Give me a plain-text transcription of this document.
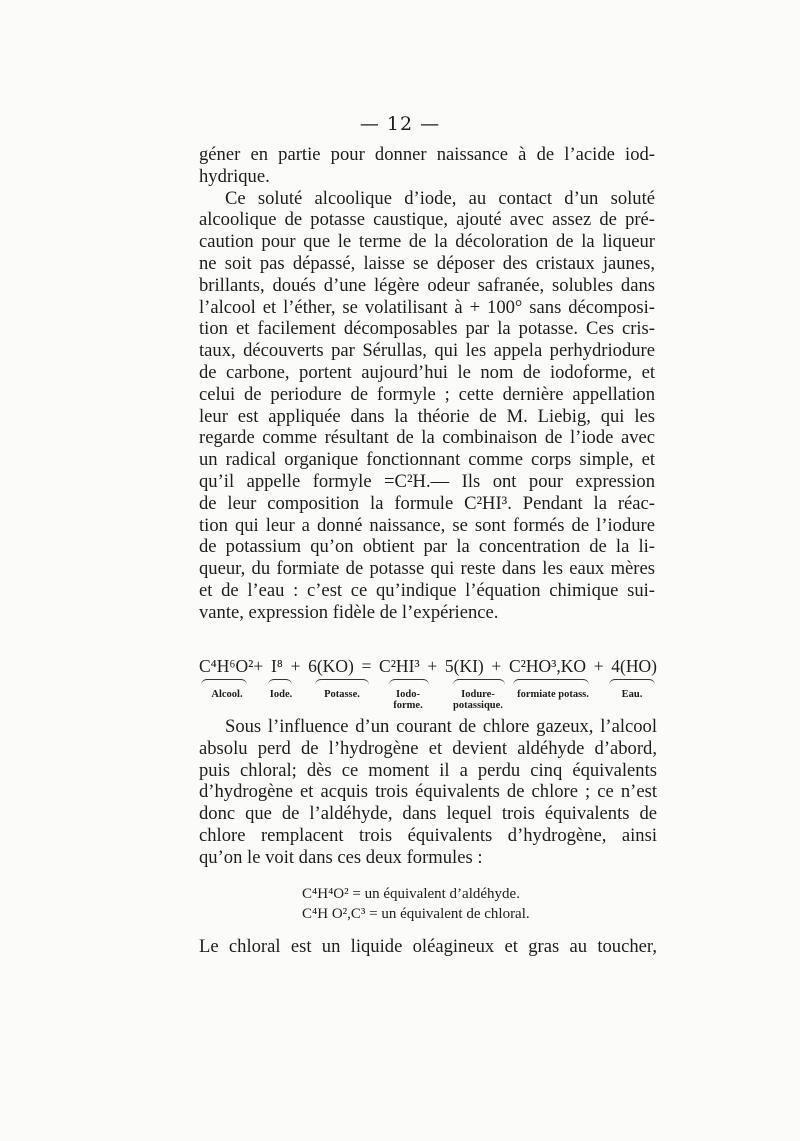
— 12 —
géner en partie pour donner naissance à de l’acide iod-
hydrique.
Ce soluté alcoolique d’iode, au contact d’un soluté
alcoolique de potasse caustique, ajouté avec assez de pré-
caution pour que le terme de la décoloration de la liqueur
ne soit pas dépassé, laisse se déposer des cristaux jaunes,
brillants, doués d’une légère odeur safranée, solubles dans
l’alcool et l’éther, se volatilisant à + 100° sans décomposi-
tion et facilement décomposables par la potasse. Ces cris-
taux, découverts par Sérullas, qui les appela perhydriodure
de carbone, portent aujourd’hui le nom de iodoforme, et
celui de periodure de formyle ; cette dernière appellation
leur est appliquée dans la théorie de M. Liebig, qui les
regarde comme résultant de la combinaison de l’iode avec
un radical organique fonctionnant comme corps simple, et
qu’il appelle formyle =C²H.— Ils ont pour expression
de leur composition la formule C²HI³. Pendant la réac-
tion qui leur a donné naissance, se sont formés de l’iodure
de potassium qu’on obtient par la concentration de la li-
queur, du formiate de potasse qui reste dans les eaux mères
et de l’eau : c’est ce qu’indique l’équation chimique sui-
vante, expression fidèle de l’expérience.
C⁴H⁶O²+ I⁸ + 6(KO) = C²HI³ + 5(KI) + C²HO³,KO + 4(HO)
Alcool.	Iode.	Potasse.	Iodo-
forme.
Iodure-
potassique.
formiate potass.	Eau.
Sous l’influence d’un courant de chlore gazeux, l’alcool
absolu perd de l’hydrogène et devient aldéhyde d’abord,
puis chloral; dès ce moment il a perdu cinq équivalents
d’hydrogène et acquis trois équivalents de chlore ; ce n’est
donc que de l’aldéhyde, dans lequel trois équivalents de
chlore remplacent trois équivalents d’hydrogène, ainsi
qu’on le voit dans ces deux formules :
C⁴H⁴O² = un équivalent d’aldéhyde.
C⁴H O²,C³ = un équivalent de chloral.
Le chloral est un liquide oléagineux et gras au toucher,
